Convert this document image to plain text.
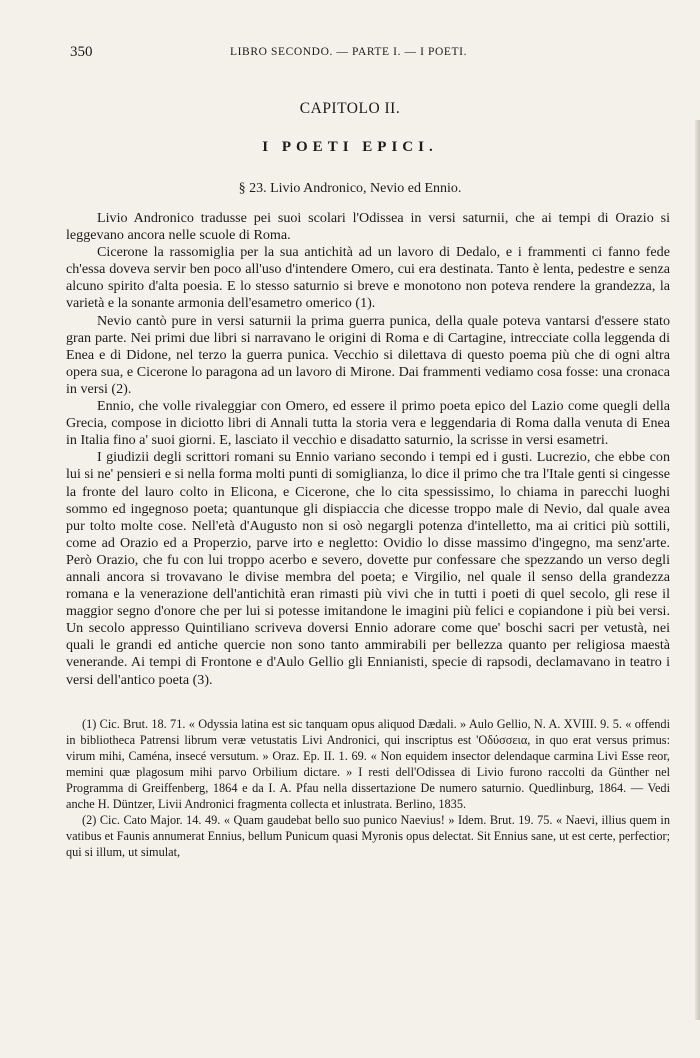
350	LIBRO SECONDO. — PARTE I. — I POETI.
CAPITOLO II.
I POETI EPICI.
§ 23. Livio Andronico, Nevio ed Ennio.

Livio Andronico tradusse pei suoi scolari l'Odissea in versi saturnii, che ai tempi di Orazio si leggevano ancora nelle scuole di Roma.

Cicerone la rassomiglia per la sua antichità ad un lavoro di Dedalo, e i frammenti ci fanno fede ch'essa doveva servir ben poco all'uso d'intendere Omero, cui era destinata. Tanto è lenta, pedestre e senza alcuno spirito d'alta poesia. E lo stesso saturnio si breve e monotono non poteva rendere la grandezza, la varietà e la sonante armonia dell'esametro omerico (1).

Nevio cantò pure in versi saturnii la prima guerra punica, della quale poteva vantarsi d'essere stato gran parte. Nei primi due libri si narravano le origini di Roma e di Cartagine, intrecciate colla leggenda di Enea e di Didone, nel terzo la guerra punica. Vecchio si dilettava di questo poema più che di ogni altra opera sua, e Cicerone lo paragona ad un lavoro di Mirone. Dai frammenti vediamo cosa fosse: una cronaca in versi (2).

Ennio, che volle rivaleggiar con Omero, ed essere il primo poeta epico del Lazio come quegli della Grecia, compose in diciotto libri di Annali tutta la storia vera e leggendaria di Roma dalla venuta di Enea in Italia fino a' suoi giorni. E, lasciato il vecchio e disadatto saturnio, la scrisse in versi esametri.

I giudizii degli scrittori romani su Ennio variano secondo i tempi ed i gusti. Lucrezio, che ebbe con lui si ne' pensieri e si nella forma molti punti di somiglianza, lo dice il primo che tra l'Itale genti si cingesse la fronte del lauro colto in Elicona, e Cicerone, che lo cita spessissimo, lo chiama in parecchi luoghi sommo ed ingegnoso poeta; quantunque gli dispiaccia che dicesse troppo male di Nevio, dal quale avea pur tolto molte cose. Nell'età d'Augusto non si osò negargli potenza d'intelletto, ma ai critici più sottili, come ad Orazio ed a Properzio, parve irto e negletto: Ovidio lo disse massimo d'ingegno, ma senz'arte. Però Orazio, che fu con lui troppo acerbo e severo, dovette pur confessare che spezzando un verso degli annali ancora si trovavano le divise membra del poeta; e Virgilio, nel quale il senso della grandezza romana e la venerazione dell'antichità eran rimasti più vivi che in tutti i poeti di quel secolo, gli rese il maggior segno d'onore che per lui si potesse imitandone le imagini più felici e copiandone i più bei versi. Un secolo appresso Quintiliano scriveva doversi Ennio adorare come que' boschi sacri per vetustà, nei quali le grandi ed antiche quercie non sono tanto ammirabili per bellezza quanto per religiosa maestà venerande. Ai tempi di Frontone e d'Aulo Gellio gli Ennianisti, specie di rapsodi, declamavano in teatro i versi dell'antico poeta (3).

(1) Cic. Brut. 18. 71. « Odyssia latina est sic tanquam opus aliquod Dædali. » Aulo Gellio, N. A. XVIII. 9. 5. « offendi in bibliotheca Patrensi librum veræ vetustatis Livi Andronici, qui inscriptus est 'Οδύσσεια, in quo erat versus primus: virum mihi, Caména, insecé versutum. » Oraz. Ep. II. 1. 69. « Non equidem insector delendaque carmina Livi Esse reor, memini quæ plagosum mihi parvo Orbilium dictare. » I resti dell'Odissea di Livio furono raccolti da Günther nel Programma di Greiffenberg, 1864 e da I. A. Pfau nella dissertazione De numero saturnio. Quedlinburg, 1864. — Vedi anche H. Düntzer, Livii Andronici fragmenta collecta et inlustrata. Berlino, 1835.

(2) Cic. Cato Major. 14. 49. « Quam gaudebat bello suo punico Naevius! » Idem. Brut. 19. 75. « Naevi, illius quem in vatibus et Faunis annumerat Ennius, bellum Punicum quasi Myronis opus delectat. Sit Ennius sane, ut est certe, perfectior; qui si illum, ut simulat,
